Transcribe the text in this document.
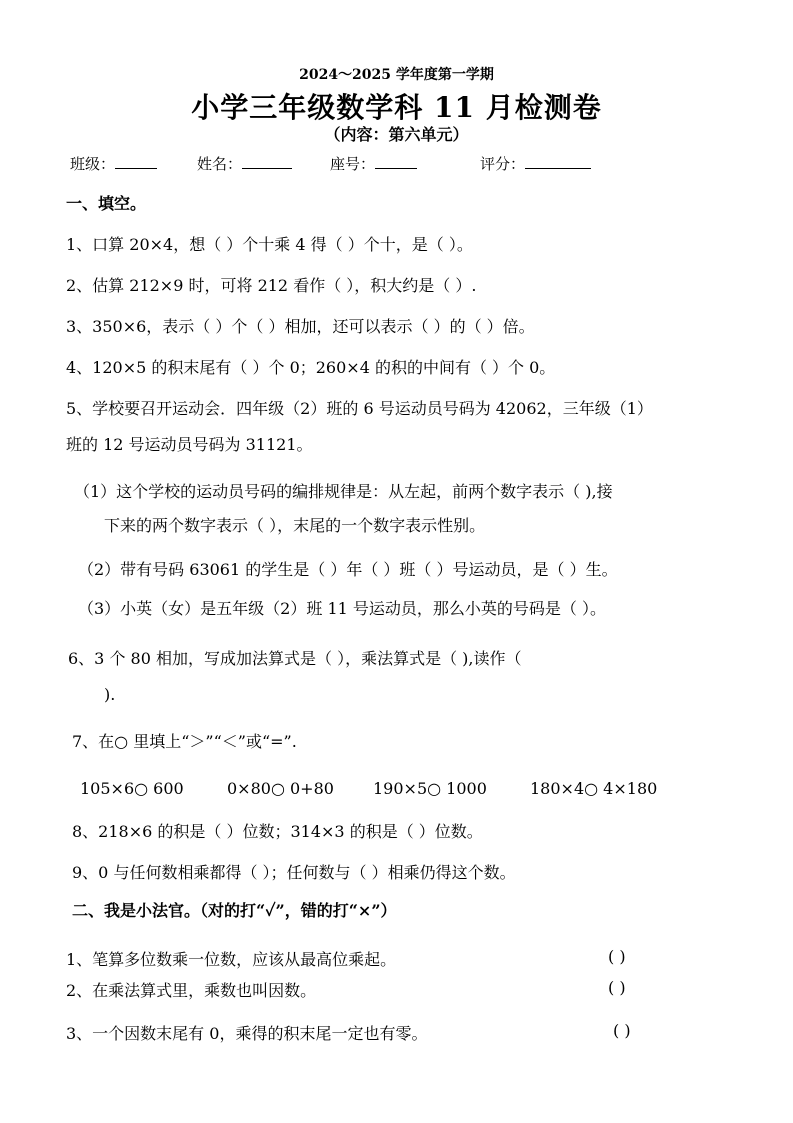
2024～2025 学年度第一学期
小学三年级数学科 11 月检测卷
（内容：第六单元）
班级：	姓名：	座号：	评分：
一、填空。
1、口算 20×4，想（ ）个十乘 4 得（ ）个十，是（ ）。
2、估算 212×9 时，可将 212 看作（ ），积大约是（ ）.
3、350×6，表示（ ）个（ ）相加，还可以表示（ ）的（ ）倍。
4、120×5 的积末尾有（ ）个 0；260×4 的积的中间有（ ）个 0。
5、学校要召开运动会．四年级（2）班的 6 号运动员号码为 42062，三年级（1）
班的 12 号运动员号码为 31121。
（1）这个学校的运动员号码的编排规律是：从左起，前两个数字表示（ ),接
下来的两个数字表示（ ），末尾的一个数字表示性别。
（2）带有号码 63061 的学生是（ ）年（ ）班（ ）号运动员，是（ ）生。
（3）小英（女）是五年级（2）班 11 号运动员，那么小英的号码是（ ）。
6、3 个 80 相加，写成加法算式是（ ），乘法算式是（ ),读作（
).
7、在○ 里填上“＞”“＜”或“=”.
105×6○ 600	0×80○ 0+80 190×5○ 1000	180×4○ 4×180
8、218×6 的积是（ ）位数；314×3 的积是（ ）位数。
9、0 与任何数相乘都得（ ）；任何数与（ ）相乘仍得这个数。
二、我是小法官。（对的打“✓”，错的打“×”）
1、笔算多位数乘一位数，应该从最高位乘起。	( )
2、在乘法算式里，乘数也叫因数。	( )
3、一个因数末尾有 0，乘得的积末尾一定也有零。	( )
